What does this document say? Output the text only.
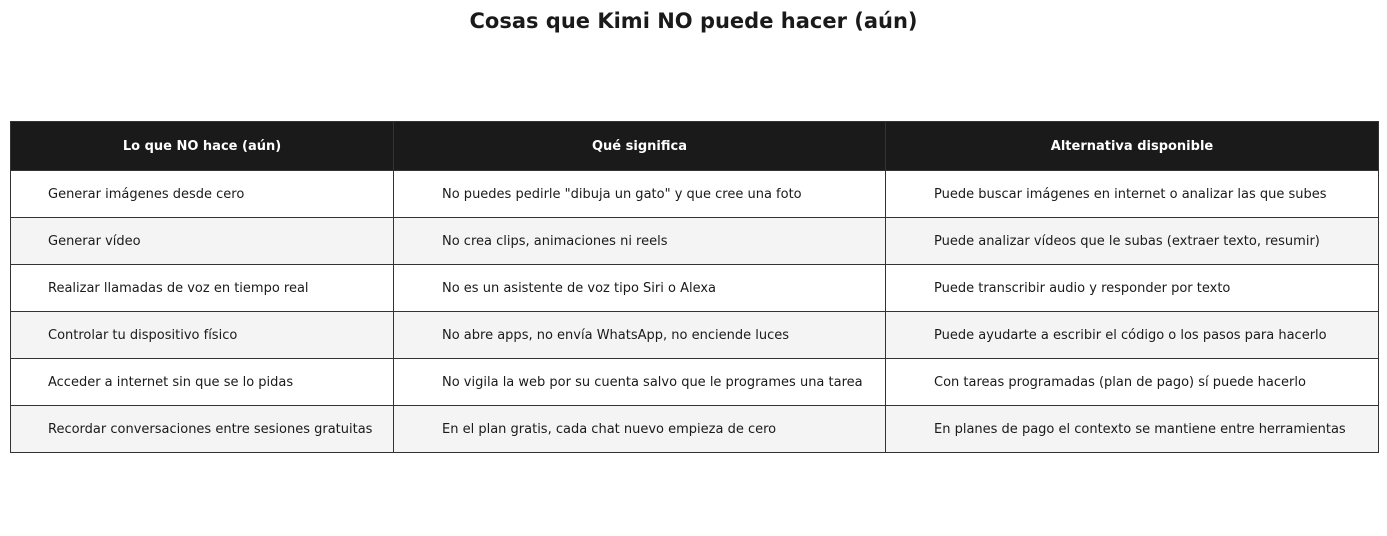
Cosas que Kimi NO puede hacer (aún)
Lo que NO hace (aún)	Qué significa	Alternativa disponible
Generar imágenes desde cero	No puedes pedirle "dibuja un gato" y que cree una foto	Puede buscar imágenes en internet o analizar las que subes
Generar vídeo	No crea clips, animaciones ni reels	Puede analizar vídeos que le subas (extraer texto, resumir)
Realizar llamadas de voz en tiempo real	No es un asistente de voz tipo Siri o Alexa	Puede transcribir audio y responder por texto
Controlar tu dispositivo físico	No abre apps, no envía WhatsApp, no enciende luces	Puede ayudarte a escribir el código o los pasos para hacerlo
Acceder a internet sin que se lo pidas	No vigila la web por su cuenta salvo que le programes una tarea	Con tareas programadas (plan de pago) sí puede hacerlo
Recordar conversaciones entre sesiones gratuitas	En el plan gratis, cada chat nuevo empieza de cero	En planes de pago el contexto se mantiene entre herramientas
